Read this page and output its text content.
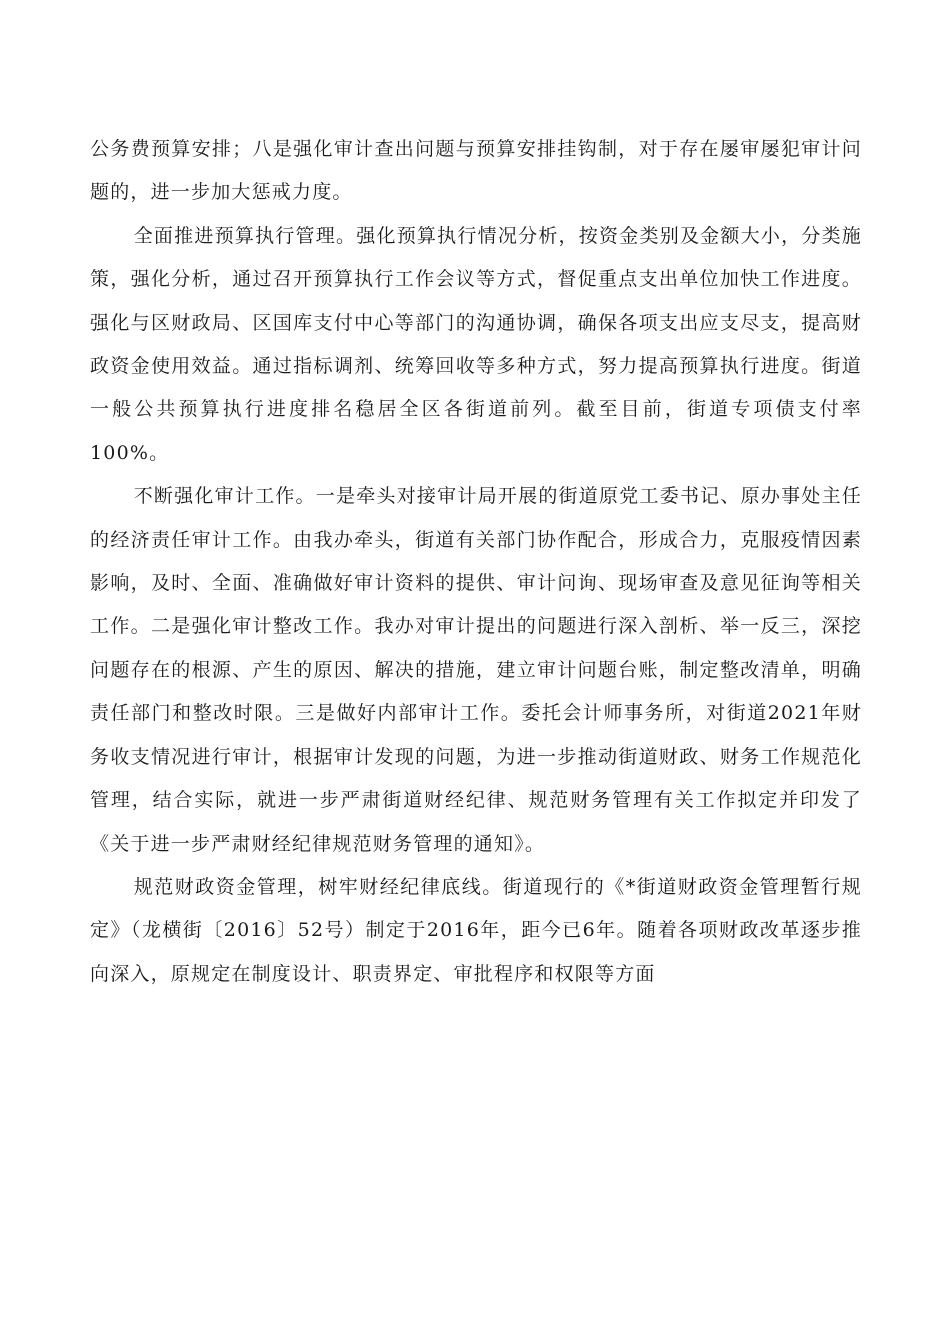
公务费预算安排；八是强化审计查出问题与预算安排挂钩制，对于存在屡审屡犯审计问题的，进一步加大惩戒力度。

全面推进预算执行管理。强化预算执行情况分析，按资金类别及金额大小，分类施策，强化分析，通过召开预算执行工作会议等方式，督促重点支出单位加快工作进度。强化与区财政局、区国库支付中心等部门的沟通协调，确保各项支出应支尽支，提高财政资金使用效益。通过指标调剂、统筹回收等多种方式，努力提高预算执行进度。街道一般公共预算执行进度排名稳居全区各街道前列。截至目前，街道专项债支付率100%。

不断强化审计工作。一是牵头对接审计局开展的街道原党工委书记、原办事处主任的经济责任审计工作。由我办牵头，街道有关部门协作配合，形成合力，克服疫情因素影响，及时、全面、准确做好审计资料的提供、审计问询、现场审查及意见征询等相关工作。二是强化审计整改工作。我办对审计提出的问题进行深入剖析、举一反三，深挖问题存在的根源、产生的原因、解决的措施，建立审计问题台账，制定整改清单，明确责任部门和整改时限。三是做好内部审计工作。委托会计师事务所，对街道2021年财务收支情况进行审计，根据审计发现的问题，为进一步推动街道财政、财务工作规范化管理，结合实际，就进一步严肃街道财经纪律、规范财务管理有关工作拟定并印发了《关于进一步严肃财经纪律规范财务管理的通知》。

规范财政资金管理，树牢财经纪律底线。街道现行的《*街道财政资金管理暂行规定》（龙横街〔2016〕52号）制定于2016年，距今已6年。随着各项财政改革逐步推向深入，原规定在制度设计、职责界定、审批程序和权限等方面
